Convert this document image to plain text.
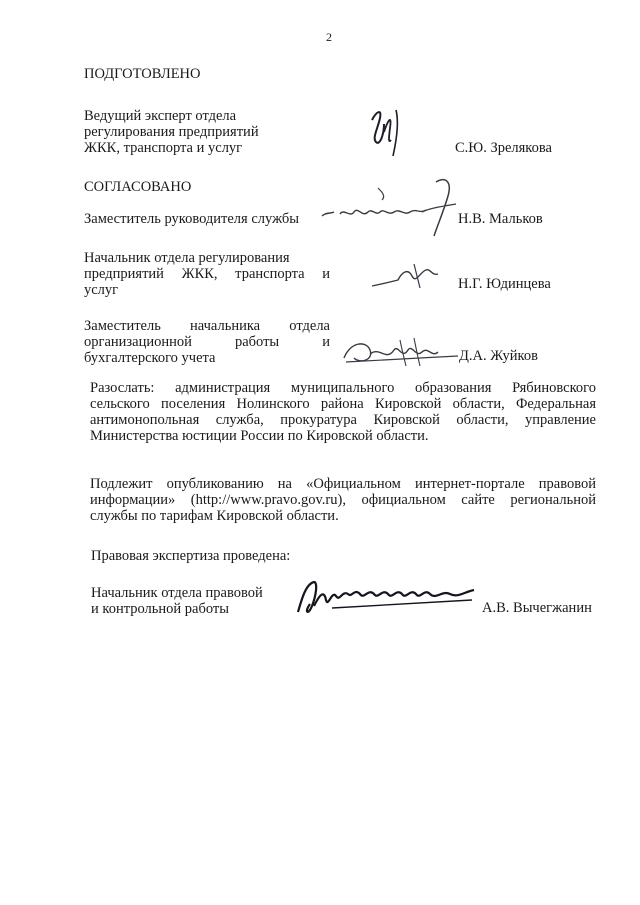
2
ПОДГОТОВЛЕНО
Ведущий эксперт отдела
регулирования предприятий
ЖКК, транспорта и услуг	С.Ю. Зрелякова
СОГЛАСОВАНО
Заместитель руководителя службы	Н.В. Мальков
Начальник отдела регулирования
предприятий ЖКК, транспорта и
услуг	Н.Г. Юдинцева
Заместитель начальника отдела
организационной работы и
бухгалтерского учета	Д.А. Жуйков
Разослать: администрация муниципального образования Рябиновского
сельского поселения Нолинского района Кировской области, Федеральная
антимонопольная служба, прокуратура Кировской области, управление
Министерства юстиции России по Кировской области.
Подлежит опубликованию на «Официальном интернет-портале правовой
информации» (http://www.pravo.gov.ru), официальном сайте региональной
службы по тарифам Кировской области.
Правовая экспертиза проведена:
Начальник отдела правовой
и контрольной работы	А.В. Вычегжанин
